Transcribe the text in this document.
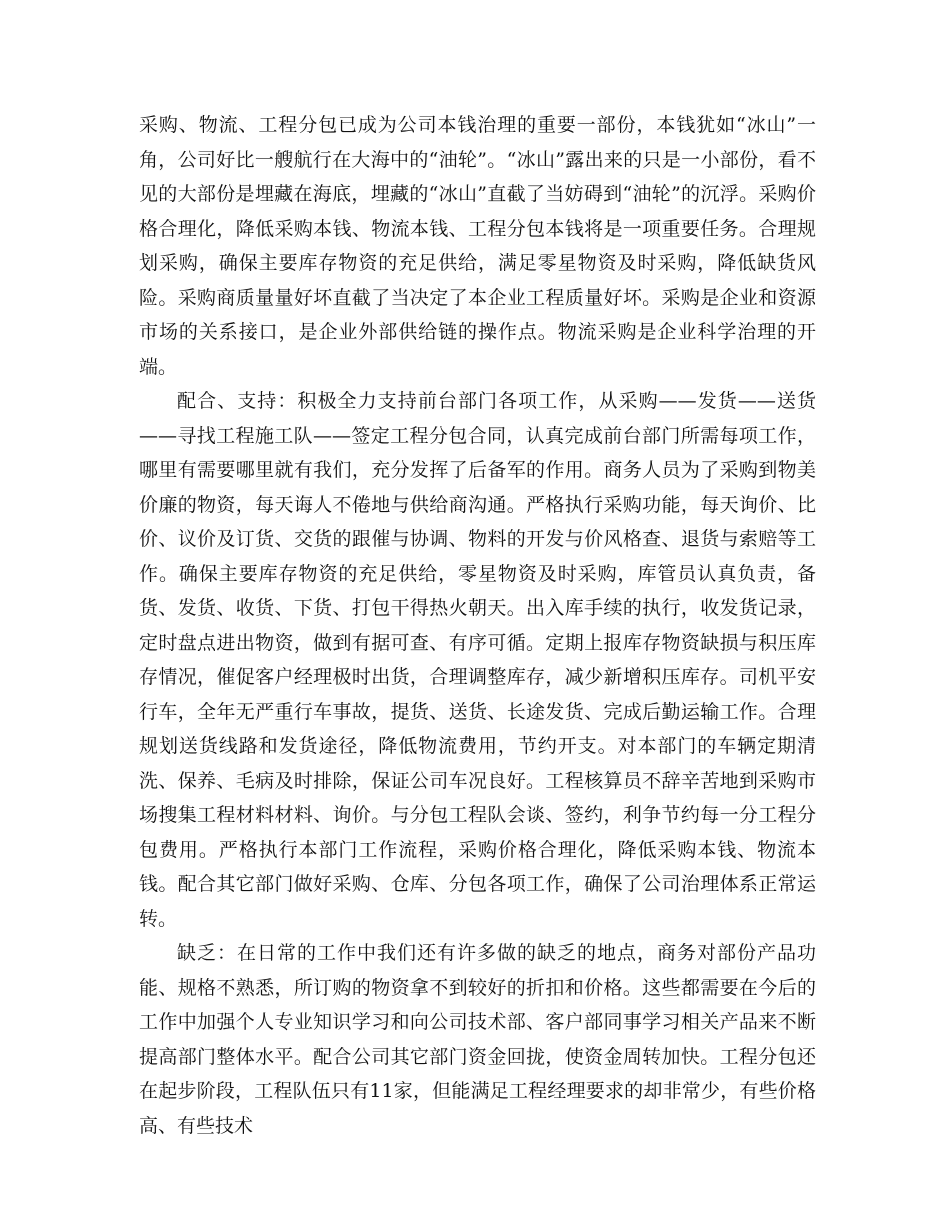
采购、物流、工程分包已成为公司本钱治理的重要一部份，本钱犹如“冰山”一角，公司好比一艘航行在大海中的“油轮”。“冰山”露出来的只是一小部份，看不见的大部份是埋藏在海底，埋藏的“冰山”直截了当妨碍到“油轮”的沉浮。采购价格合理化，降低采购本钱、物流本钱、工程分包本钱将是一项重要任务。合理规划采购，确保主要库存物资的充足供给，满足零星物资及时采购，降低缺货风险。采购商质量量好坏直截了当决定了本企业工程质量好坏。采购是企业和资源市场的关系接口，是企业外部供给链的操作点。物流采购是企业科学治理的开端。

配合、支持：积极全力支持前台部门各项工作，从采购——发货——送货——寻找工程施工队——签定工程分包合同，认真完成前台部门所需每项工作，哪里有需要哪里就有我们，充分发挥了后备军的作用。商务人员为了采购到物美价廉的物资，每天诲人不倦地与供给商沟通。严格执行采购功能，每天询价、比价、议价及订货、交货的跟催与协调、物料的开发与价风格查、退货与索赔等工作。确保主要库存物资的充足供给，零星物资及时采购，库管员认真负责，备货、发货、收货、下货、打包干得热火朝天。出入库手续的执行，收发货记录，定时盘点进出物资，做到有据可查、有序可循。定期上报库存物资缺损与积压库存情况，催促客户经理极时出货，合理调整库存，减少新增积压库存。司机平安行车，全年无严重行车事故，提货、送货、长途发货、完成后勤运输工作。合理规划送货线路和发货途径，降低物流费用，节约开支。对本部门的车辆定期清洗、保养、毛病及时排除，保证公司车况良好。工程核算员不辞辛苦地到采购市场搜集工程材料材料、询价。与分包工程队会谈、签约，利争节约每一分工程分包费用。严格执行本部门工作流程，采购价格合理化，降低采购本钱、物流本钱。配合其它部门做好采购、仓库、分包各项工作，确保了公司治理体系正常运转。

缺乏：在日常的工作中我们还有许多做的缺乏的地点，商务对部份产品功能、规格不熟悉，所订购的物资拿不到较好的折扣和价格。这些都需要在今后的工作中加强个人专业知识学习和向公司技术部、客户部同事学习相关产品来不断提高部门整体水平。配合公司其它部门资金回拢，使资金周转加快。工程分包还在起步阶段，工程队伍只有11家，但能满足工程经理要求的却非常少，有些价格高、有些技术
